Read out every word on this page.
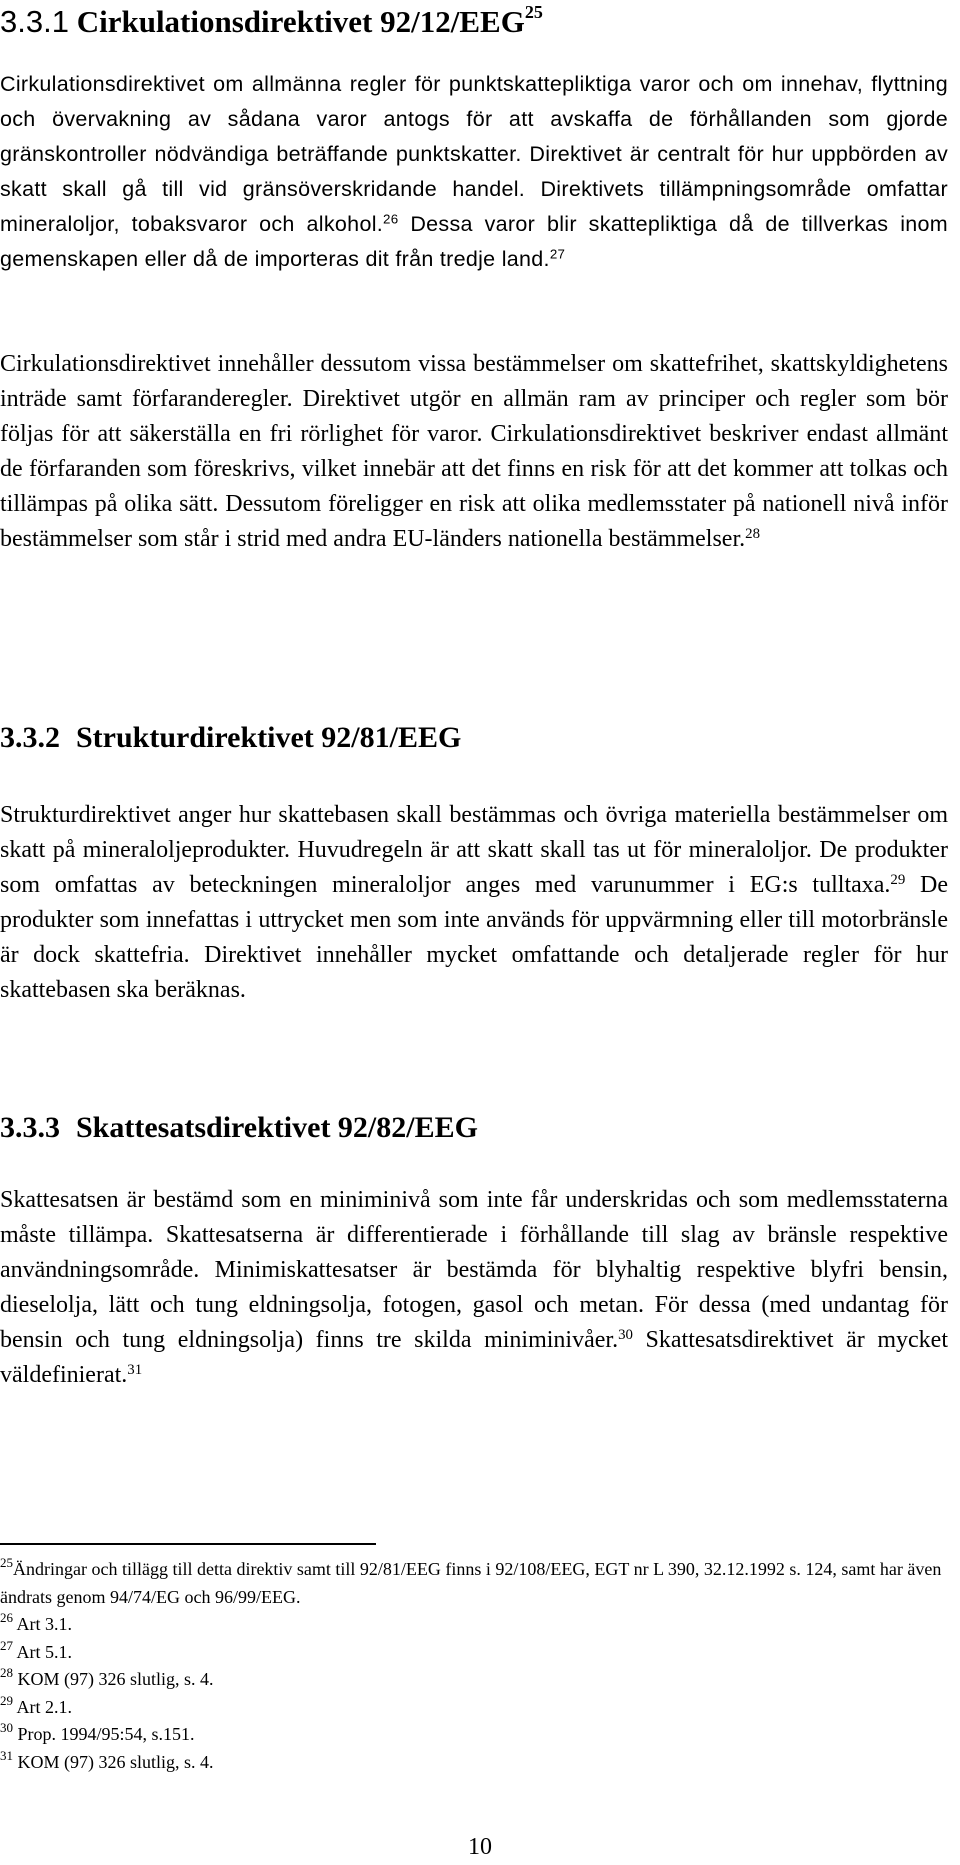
3.3.1 Cirkulationsdirektivet 92/12/EEG$^{25}$

Cirkulationsdirektivet om allmänna regler för punktskattepliktiga varor och om innehav, flyttning och övervakning av sådana varor antogs för att avskaffa de förhållanden som gjorde gränskontroller nödvändiga beträffande punktskatter. Direktivet är centralt för hur uppbörden av skatt skall gå till vid gränsöverskridande handel. Direktivets tillämpningsområde omfattar mineraloljor, tobaksvaror och alkohol.$^{26}$ Dessa varor blir skattepliktiga då de tillverkas inom gemenskapen eller då de importeras dit från tredje land.$^{27}$

Cirkulationsdirektivet innehåller dessutom vissa bestämmelser om skattefrihet, skattskyldighetens inträde samt förfaranderegler. Direktivet utgör en allmän ram av principer och regler som bör följas för att säkerställa en fri rörlighet för varor. Cirkulationsdirektivet beskriver endast allmänt de förfaranden som föreskrivs, vilket innebär att det finns en risk för att det kommer att tolkas och tillämpas på olika sätt. Dessutom föreligger en risk att olika medlemsstater på nationell nivå inför bestämmelser som står i strid med andra EU-länders nationella bestämmelser.$^{28}$

3.3.2 Strukturdirektivet 92/81/EEG

Strukturdirektivet anger hur skattebasen skall bestämmas och övriga materiella bestämmelser om skatt på mineraloljeprodukter. Huvudregeln är att skatt skall tas ut för mineraloljor. De produkter som omfattas av beteckningen mineraloljor anges med varunummer i EG:s tulltaxa.$^{29}$ De produkter som innefattas i uttrycket men som inte används för uppvärmning eller till motorbränsle är dock skattefria. Direktivet innehåller mycket omfattande och detaljerade regler för hur skattebasen ska beräknas.

3.3.3 Skattesatsdirektivet 92/82/EEG

Skattesatsen är bestämd som en miniminivå som inte får underskridas och som medlemsstaterna måste tillämpa. Skattesatserna är differentierade i förhållande till slag av bränsle respektive användningsområde. Minimiskattesatser är bestämda för blyhaltig respektive blyfri bensin, dieselolja, lätt och tung eldningsolja, fotogen, gasol och metan. För dessa (med undantag för bensin och tung eldningsolja) finns tre skilda miniminivåer.$^{30}$ Skattesatsdirektivet är mycket väldefinierat.$^{31}$

$^{25}$Ändringar och tillägg till detta direktiv samt till 92/81/EEG finns i 92/108/EEG, EGT nr L 390, 32.12.1992 s. 124, samt har även ändrats genom 94/74/EG och 96/99/EEG.
$^{26}$ Art 3.1.
$^{27}$ Art 5.1.
$^{28}$ KOM (97) 326 slutlig, s. 4.
$^{29}$ Art 2.1.
$^{30}$ Prop. 1994/95:54, s.151.
$^{31}$ KOM (97) 326 slutlig, s. 4.
10
